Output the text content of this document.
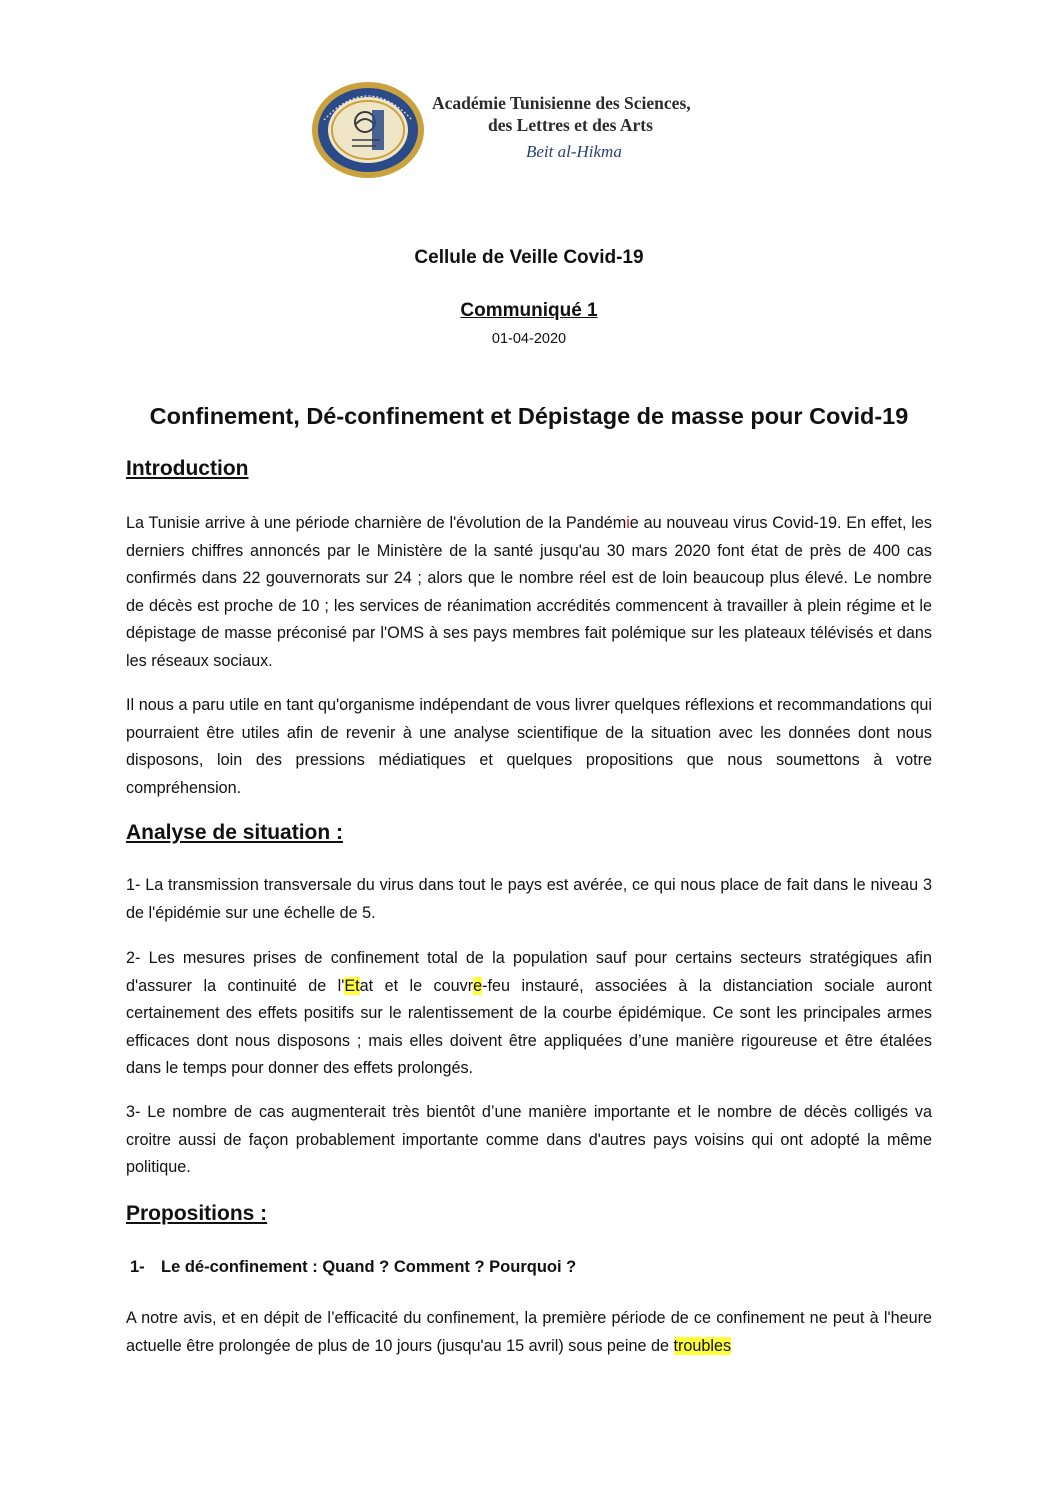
Académie Tunisienne des Sciences,
des Lettres et des Arts
Beit al-Hikma
Cellule de Veille Covid-19
Communiqué 1
01-04-2020
Confinement, Dé-confinement et Dépistage de masse pour Covid-19
Introduction
La Tunisie arrive à une période charnière de l'évolution de la Pandémie au nouveau virus Covid-19. En effet, les derniers chiffres annoncés par le Ministère de la santé jusqu'au 30 mars 2020 font état de près de 400 cas confirmés dans 22 gouvernorats sur 24 ; alors que le nombre réel est de loin beaucoup plus élevé. Le nombre de décès est proche de 10 ; les services de réanimation accrédités commencent à travailler à plein régime et le dépistage de masse préconisé par l'OMS à ses pays membres fait polémique sur les plateaux télévisés et dans les réseaux sociaux.
Il nous a paru utile en tant qu'organisme indépendant de vous livrer quelques réflexions et recommandations qui pourraient être utiles afin de revenir à une analyse scientifique de la situation avec les données dont nous disposons, loin des pressions médiatiques et quelques propositions que nous soumettons à votre compréhension.
Analyse de situation :
1- La transmission transversale du virus dans tout le pays est avérée, ce qui nous place de fait dans le niveau 3 de l'épidémie sur une échelle de 5.
2- Les mesures prises de confinement total de la population sauf pour certains secteurs stratégiques afin d'assurer la continuité de l'Etat et le couvre-feu instauré, associées à la distanciation sociale auront certainement des effets positifs sur le ralentissement de la courbe épidémique. Ce sont les principales armes efficaces dont nous disposons ; mais elles doivent être appliquées d’une manière rigoureuse et être étalées dans le temps pour donner des effets prolongés.
3- Le nombre de cas augmenterait très bientôt d’une manière importante et le nombre de décès colligés va croitre aussi de façon probablement importante comme dans d'autres pays voisins qui ont adopté la même politique.
Propositions :
1- Le dé-confinement : Quand ? Comment ? Pourquoi ?
A notre avis, et en dépit de l’efficacité du confinement, la première période de ce confinement ne peut à l'heure actuelle être prolongée de plus de 10 jours (jusqu'au 15 avril) sous peine de troubles
